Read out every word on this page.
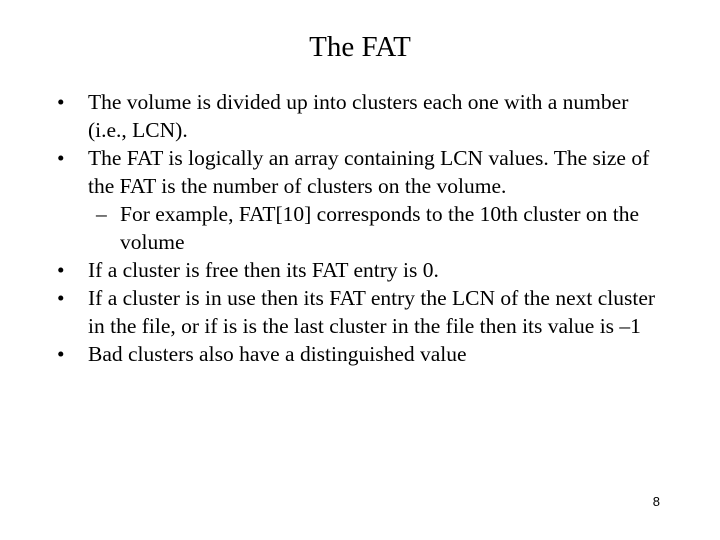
The FAT
• The volume is divided up into clusters each one with a number (i.e., LCN).
• The FAT is logically an array containing LCN values. The size of the FAT is the number of clusters on the volume.
– For example, FAT[10] corresponds to the 10th cluster on the volume
• If a cluster is free then its FAT entry is 0.
• If a cluster is in use then its FAT entry the LCN of the next cluster in the file, or if is is the last cluster in the file then its value is –1
• Bad clusters also have a distinguished value
8
